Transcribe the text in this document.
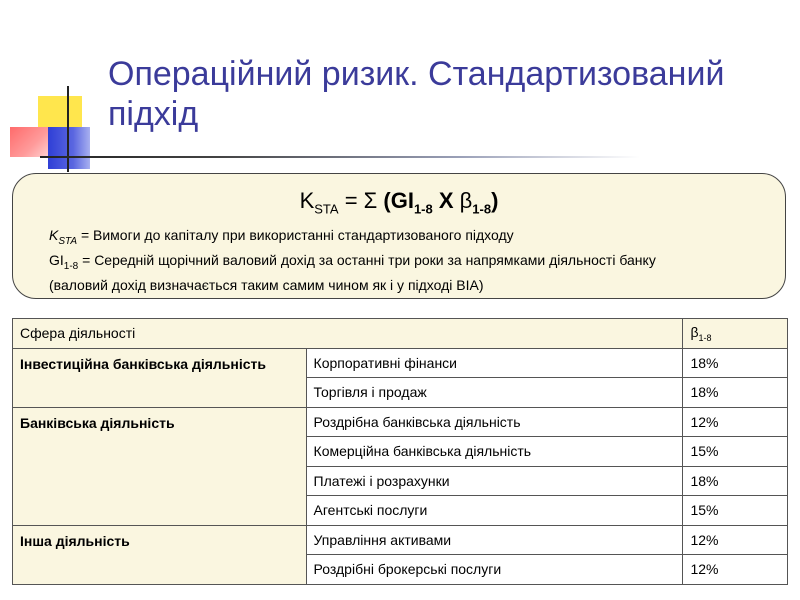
Операційний ризик. Стандартизований підхід
$K_{STA} = \Sigma$ ($GI_{1-8}$ X $\beta_{1-8}$)
$K_{STA}$ = Вимоги до капіталу при використанні стандартизованого підходу
$GI_{1-8}$ = Середній щорічний валовий дохід за останні три роки за напрямками діяльності банку
(валовий дохід визначається таким самим чином як і у підході BIA)
Сфера діяльності		$\beta_{1-8}$
Інвестиційна банківська діяльність	Корпоративні фінанси	18%
	Торгівля і продаж	18%
Банківська діяльність	Роздрібна банківська діяльність	12%
	Комерційна банківська діяльність	15%
	Платежі і розрахунки	18%
	Агентські послуги	15%
Інша діяльність	Управління активами	12%
	Роздрібні брокерські послуги	12%
